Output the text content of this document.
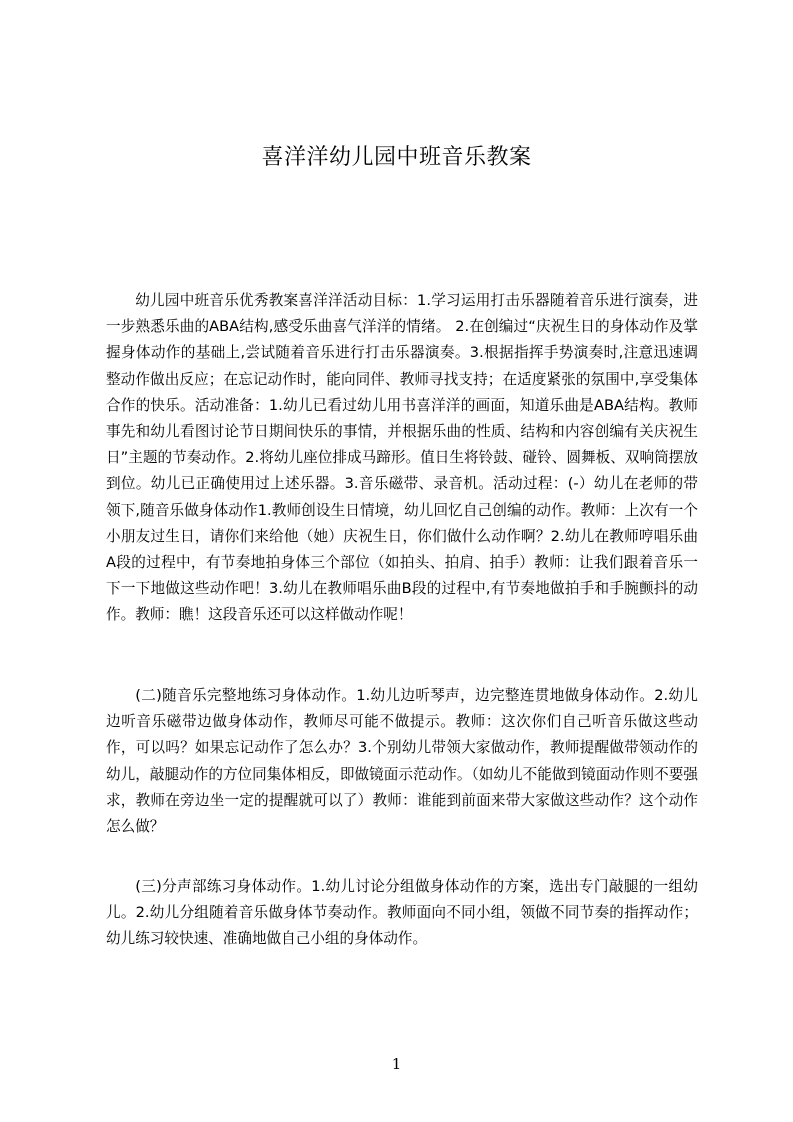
喜洋洋幼儿园中班音乐教案

幼儿园中班音乐优秀教案喜洋洋活动目标：1.学习运用打击乐器随着音乐进行演奏，进一步熟悉乐曲的ABA结构,感受乐曲喜气洋洋的情绪。 2.在创编过“庆祝生日的身体动作及掌握身体动作的基础上,尝试随着音乐进行打击乐器演奏。3.根据指挥手势演奏时,注意迅速调整动作做出反应；在忘记动作时，能向同伴、教师寻找支持；在适度紧张的氛围中,享受集体合作的快乐。活动准备：1.幼儿已看过幼儿用书喜洋洋的画面，知道乐曲是ABA结构。教师事先和幼儿看图讨论节日期间快乐的事情，并根据乐曲的性质、结构和内容创编有关庆祝生日”主题的节奏动作。2.将幼儿座位排成马蹄形。值日生将铃鼓、碰铃、圆舞板、双响筒摆放到位。幼儿已正确使用过上述乐器。3.音乐磁带、录音机。活动过程：(-）幼儿在老师的带领下,随音乐做身体动作1.教师创设生日情境，幼儿回忆自己创编的动作。教师：上次有一个小朋友过生日，请你们来给他（她）庆祝生日，你们做什么动作啊？2.幼儿在教师哼唱乐曲A段的过程中，有节奏地拍身体三个部位（如拍头、拍肩、拍手）教师：让我们跟着音乐一下一下地做这些动作吧！3.幼儿在教师唱乐曲B段的过程中,有节奏地做拍手和手腕颤抖的动作。教师：瞧！这段音乐还可以这样做动作呢！

(二)随音乐完整地练习身体动作。1.幼儿边听琴声，边完整连贯地做身体动作。2.幼儿边听音乐磁带边做身体动作，教师尽可能不做提示。教师：这次你们自己听音乐做这些动作，可以吗？如果忘记动作了怎么办？3.个别幼儿带领大家做动作，教师提醒做带领动作的幼儿，敲腿动作的方位同集体相反，即做镜面示范动作。（如幼儿不能做到镜面动作则不要强求，教师在旁边坐一定的提醒就可以了）教师：谁能到前面来带大家做这些动作？这个动作怎么做？

(三)分声部练习身体动作。1.幼儿讨论分组做身体动作的方案，选出专门敲腿的一组幼儿。2.幼儿分组随着音乐做身体节奏动作。教师面向不同小组，领做不同节奏的指挥动作；幼儿练习较快速、准确地做自己小组的身体动作。

1
